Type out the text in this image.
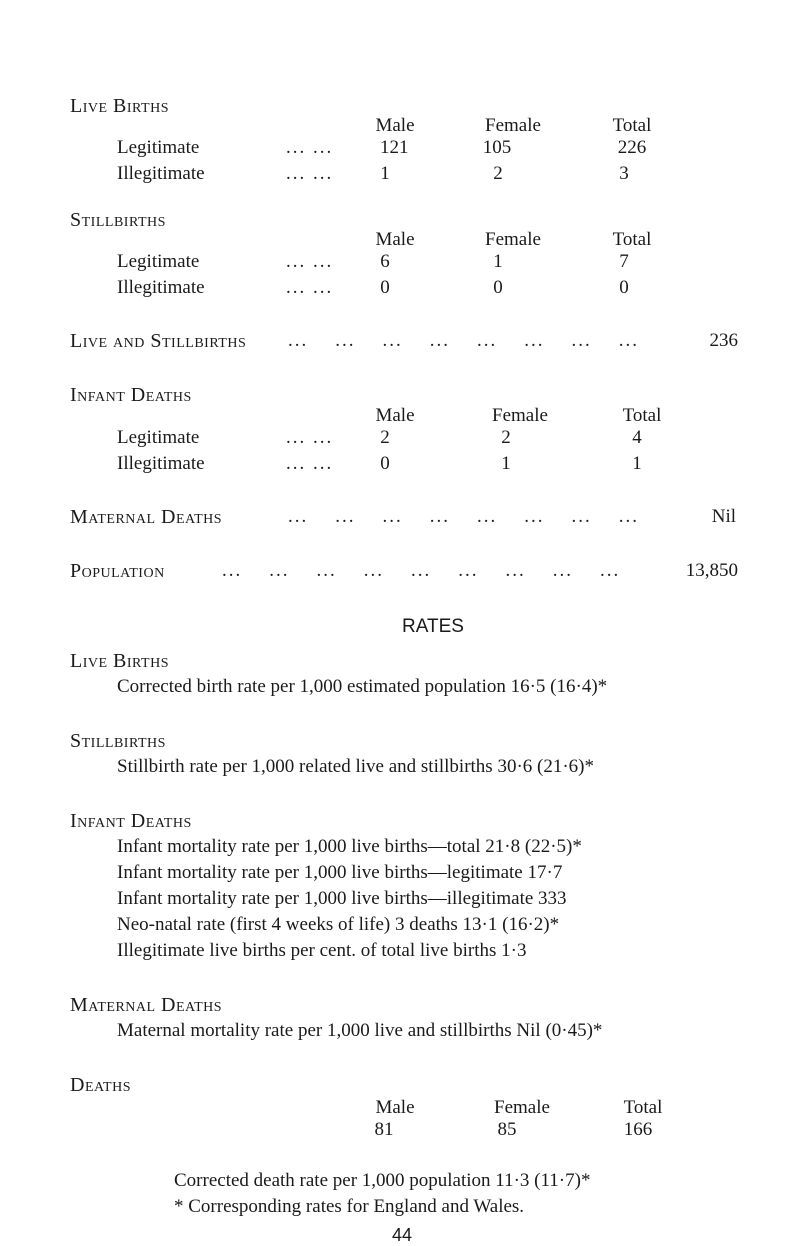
Live Births
Male	Female	Total
Legitimate	... ... 121	105	226
Illegitimate	... ... 1	2	3
Stillbirths
Male	Female	Total
Legitimate	... ... 6	1	7
Illegitimate	... ... 0	0	0
Live and Stillbirths ...    ...    ...    ...    ...    ...    ...    ...	236
Infant Deaths
Male	Female	Total
Legitimate	... ... 2	2	4
Illegitimate	... ... 0	1	1
Maternal Deaths	...    ...    ...    ...    ...    ...    ...    ...	Nil
Population	...    ...    ...    ...    ...    ...    ...    ...    ...	13,850
RATES
Live Births
Corrected birth rate per 1,000 estimated population 16·5 (16·4)*
Stillbirths
Stillbirth rate per 1,000 related live and stillbirths 30·6 (21·6)*
Infant Deaths
Infant mortality rate per 1,000 live births—total 21·8 (22·5)*
Infant mortality rate per 1,000 live births—legitimate 17·7
Infant mortality rate per 1,000 live births—illegitimate 333
Neo-natal rate (first 4 weeks of life) 3 deaths 13·1 (16·2)*
Illegitimate live births per cent. of total live births 1·3
Maternal Deaths
Maternal mortality rate per 1,000 live and stillbirths Nil (0·45)*
Deaths
Male	Female	Total
81	85	166
Corrected death rate per 1,000 population 11·3 (11·7)*
* Corresponding rates for England and Wales.
44
